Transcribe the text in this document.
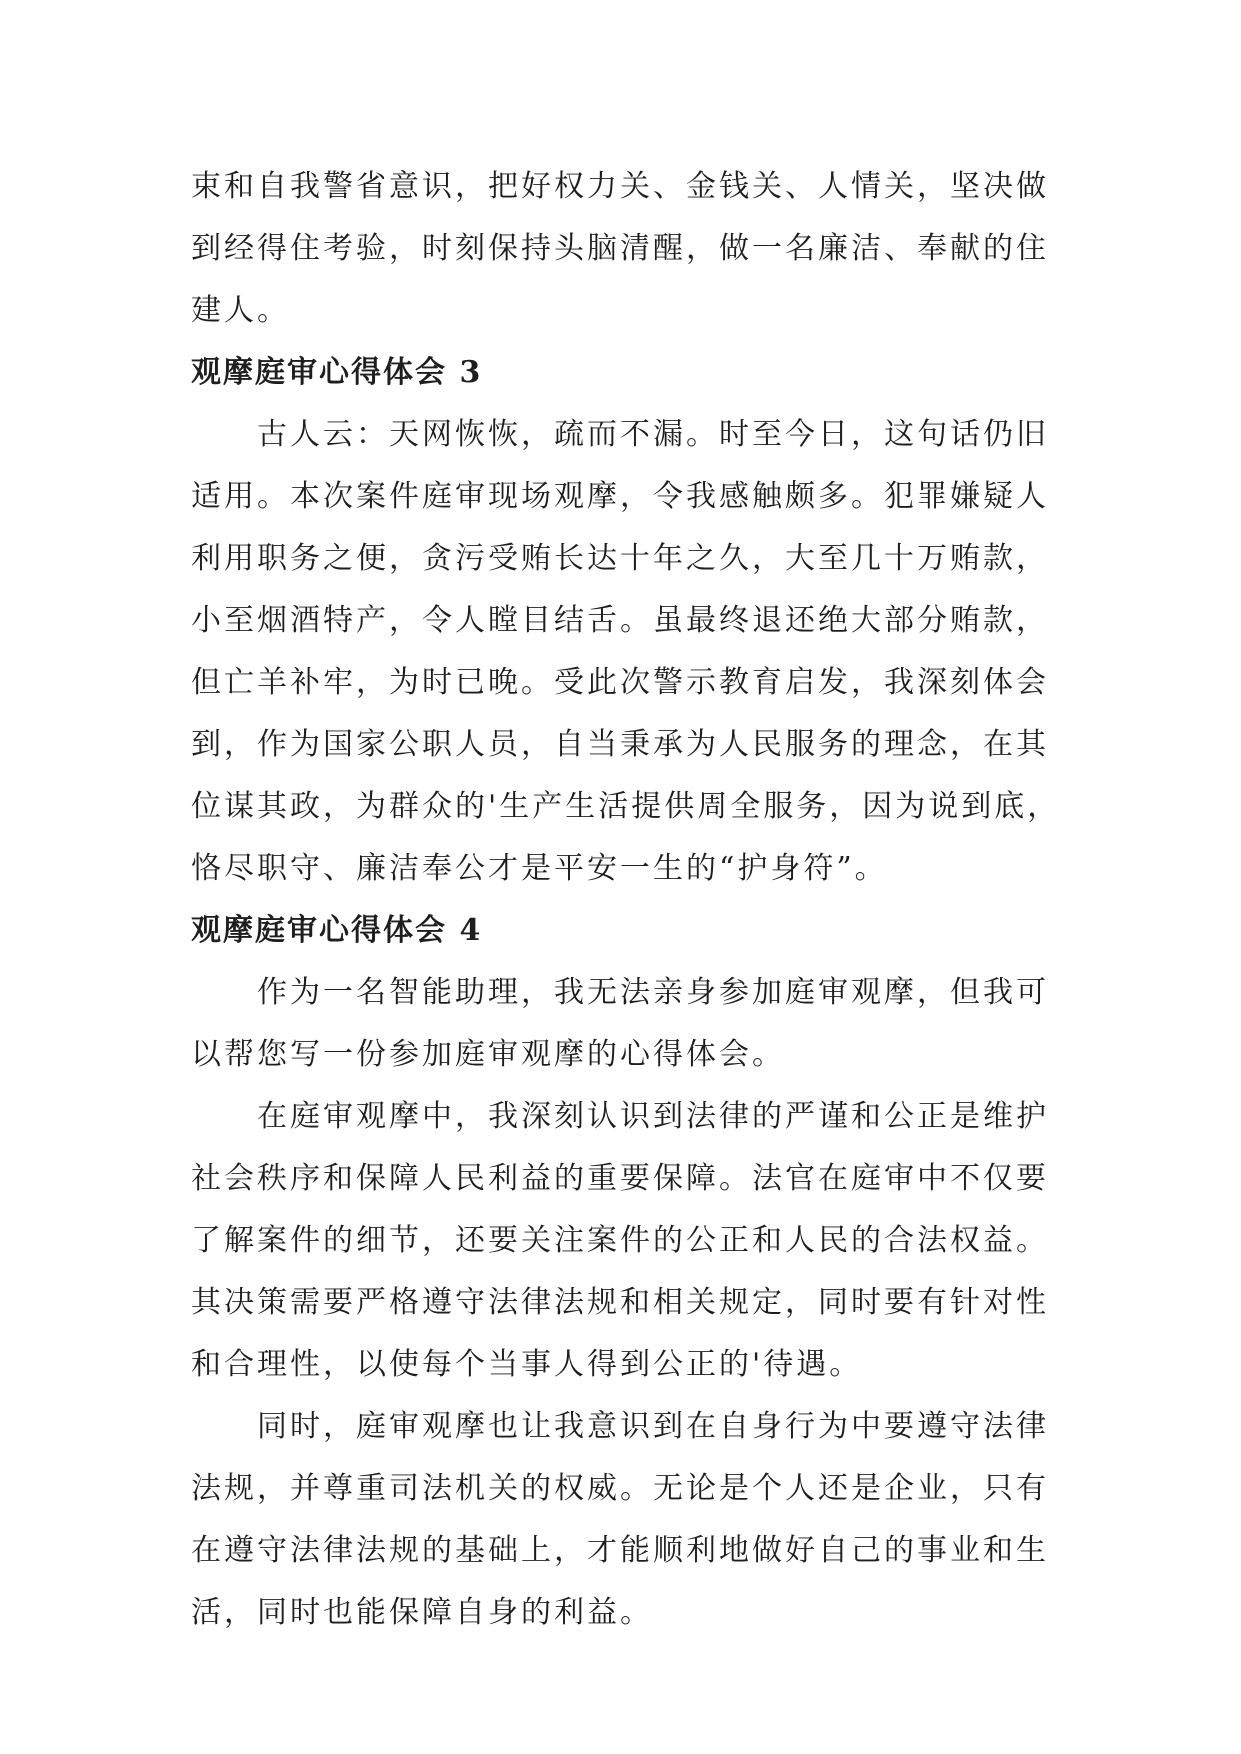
束和自我警省意识，把好权力关、金钱关、人情关，坚决做
到经得住考验，时刻保持头脑清醒，做一名廉洁、奉献的住
建人。

观摩庭审心得体会 3

古人云：天网恢恢，疏而不漏。时至今日，这句话仍旧
适用。本次案件庭审现场观摩，令我感触颇多。犯罪嫌疑人
利用职务之便，贪污受贿长达十年之久，大至几十万贿款，
小至烟酒特产，令人瞠目结舌。虽最终退还绝大部分贿款，
但亡羊补牢，为时已晚。受此次警示教育启发，我深刻体会
到，作为国家公职人员，自当秉承为人民服务的理念，在其
位谋其政，为群众的'生产生活提供周全服务，因为说到底，
恪尽职守、廉洁奉公才是平安一生的“护身符”。

观摩庭审心得体会 4

作为一名智能助理，我无法亲身参加庭审观摩，但我可
以帮您写一份参加庭审观摩的心得体会。

在庭审观摩中，我深刻认识到法律的严谨和公正是维护
社会秩序和保障人民利益的重要保障。法官在庭审中不仅要
了解案件的细节，还要关注案件的公正和人民的合法权益。
其决策需要严格遵守法律法规和相关规定，同时要有针对性
和合理性，以使每个当事人得到公正的'待遇。

同时，庭审观摩也让我意识到在自身行为中要遵守法律
法规，并尊重司法机关的权威。无论是个人还是企业，只有
在遵守法律法规的基础上，才能顺利地做好自己的事业和生
活，同时也能保障自身的利益。
